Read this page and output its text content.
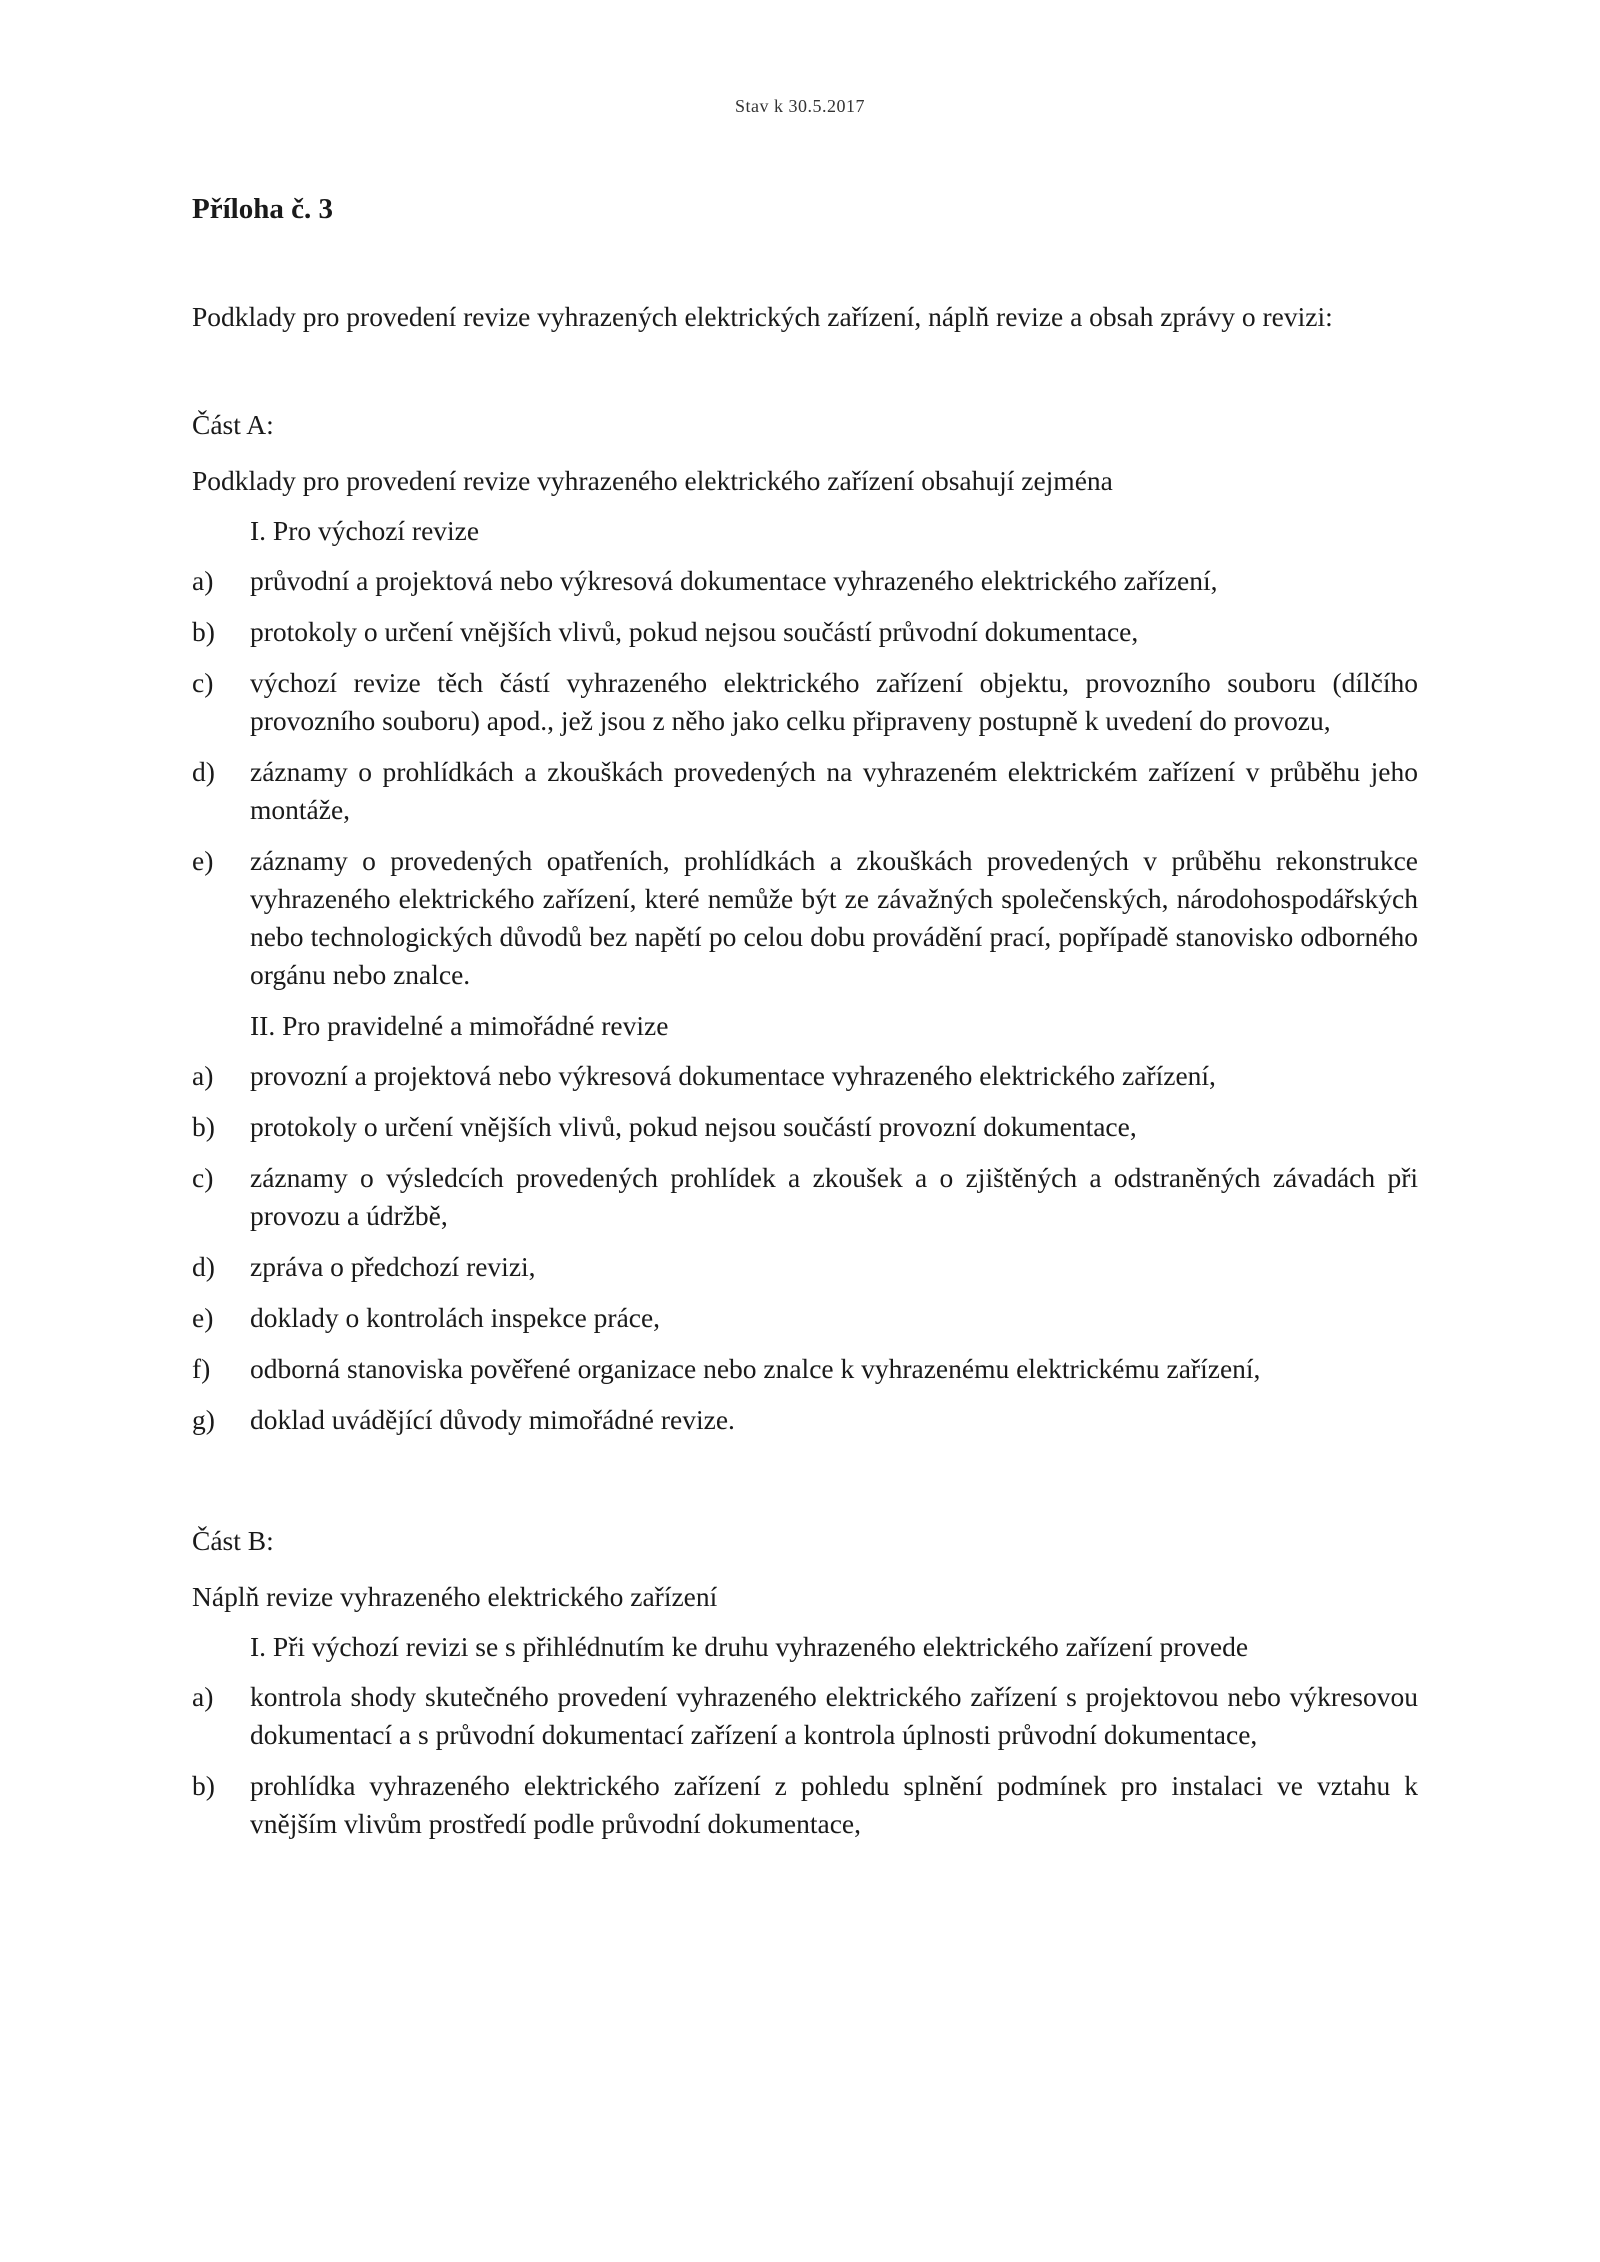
Stav k 30.5.2017
Příloha č. 3
Podklady pro provedení revize vyhrazených elektrických zařízení, náplň revize a obsah zprávy o revizi:
Část A:
Podklady pro provedení revize vyhrazeného elektrického zařízení obsahují zejména
I. Pro výchozí revize
a)	průvodní a projektová nebo výkresová dokumentace vyhrazeného elektrického zařízení,
b)	protokoly o určení vnějších vlivů, pokud nejsou součástí průvodní dokumentace,
c)	výchozí revize těch částí vyhrazeného elektrického zařízení objektu, provozního souboru (dílčího provozního souboru) apod., jež jsou z něho jako celku připraveny postupně k uvedení do provozu,
d)	záznamy o prohlídkách a zkouškách provedených na vyhrazeném elektrickém zařízení v průběhu jeho montáže,
e)	záznamy o provedených opatřeních, prohlídkách a zkouškách provedených v průběhu rekonstrukce vyhrazeného elektrického zařízení, které nemůže být ze závažných společenských, národohospodářských nebo technologických důvodů bez napětí po celou dobu provádění prací, popřípadě stanovisko odborného orgánu nebo znalce.
II. Pro pravidelné a mimořádné revize
a)	provozní a projektová nebo výkresová dokumentace vyhrazeného elektrického zařízení,
b)	protokoly o určení vnějších vlivů, pokud nejsou součástí provozní dokumentace,
c)	záznamy o výsledcích provedených prohlídek a zkoušek a o zjištěných a odstraněných závadách při provozu a údržbě,
d)	zpráva o předchozí revizi,
e)	doklady o kontrolách inspekce práce,
f)	odborná stanoviska pověřené organizace nebo znalce k vyhrazenému elektrickému zařízení,
g)	doklad uvádějící důvody mimořádné revize.
Část B:
Náplň revize vyhrazeného elektrického zařízení
I. Při výchozí revizi se s přihlédnutím ke druhu vyhrazeného elektrického zařízení provede
a)	kontrola shody skutečného provedení vyhrazeného elektrického zařízení s projektovou nebo výkresovou dokumentací a s průvodní dokumentací zařízení a kontrola úplnosti průvodní dokumentace,
b)	prohlídka vyhrazeného elektrického zařízení z pohledu splnění podmínek pro instalaci ve vztahu k vnějším vlivům prostředí podle průvodní dokumentace,
